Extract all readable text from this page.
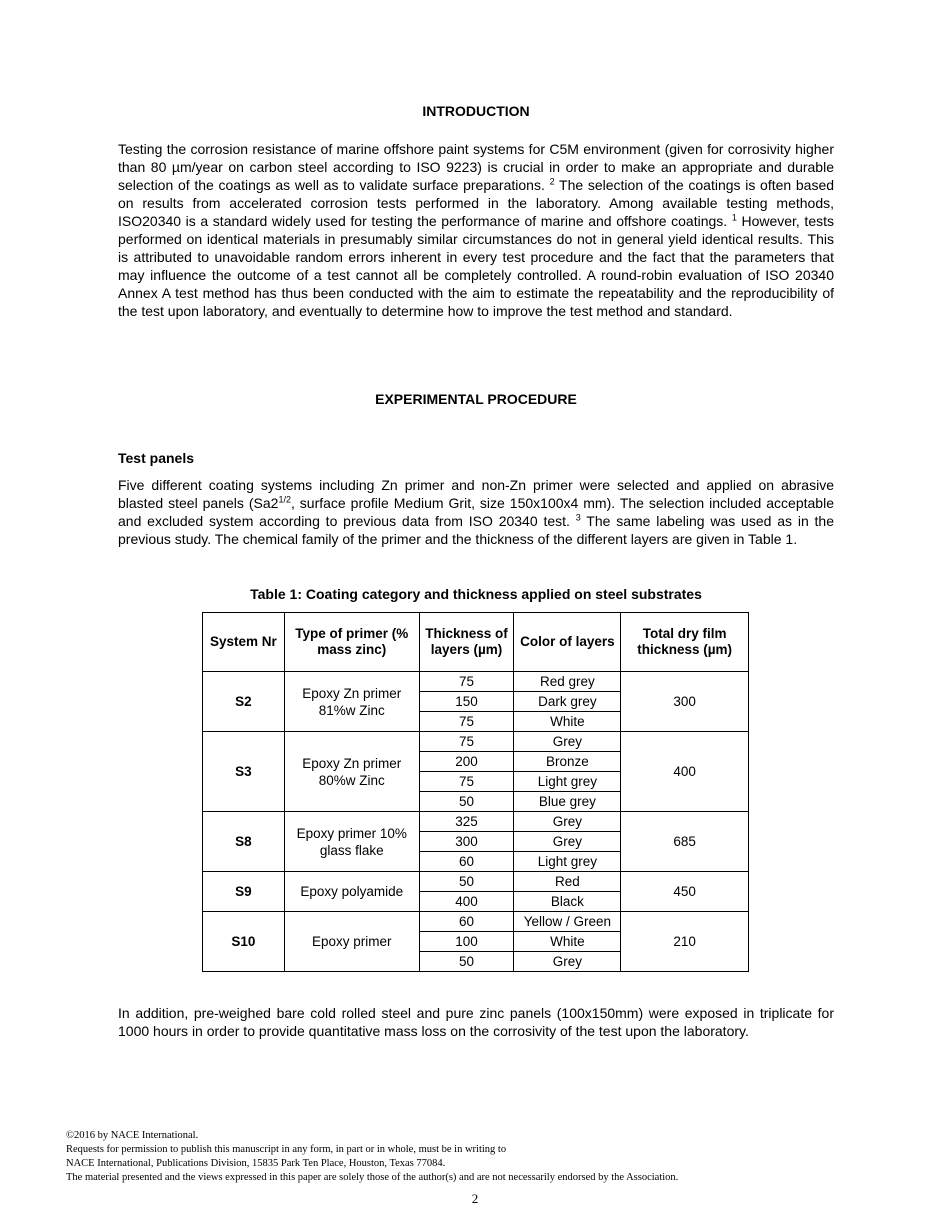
INTRODUCTION

Testing the corrosion resistance of marine offshore paint systems for C5M environment (given for corrosivity higher than 80 µm/year on carbon steel according to ISO 9223) is crucial in order to make an appropriate and durable selection of the coatings as well as to validate surface preparations. $^2$ The selection of the coatings is often based on results from accelerated corrosion tests performed in the laboratory. Among available testing methods, ISO20340 is a standard widely used for testing the performance of marine and offshore coatings. $^1$ However, tests performed on identical materials in presumably similar circumstances do not in general yield identical results. This is attributed to unavoidable random errors inherent in every test procedure and the fact that the parameters that may influence the outcome of a test cannot all be completely controlled. A round-robin evaluation of ISO 20340 Annex A test method has thus been conducted with the aim to estimate the repeatability and the reproducibility of the test upon laboratory, and eventually to determine how to improve the test method and standard.

EXPERIMENTAL PROCEDURE
Test panels

Five different coating systems including Zn primer and non-Zn primer were selected and applied on abrasive blasted steel panels ($Sa2^{1/2}$, surface profile Medium Grit, size 150x100x4 mm). The selection included acceptable and excluded system according to previous data from ISO 20340 test. $^3$ The same labeling was used as in the previous study. The chemical family of the primer and the thickness of the different layers are given in Table 1.

Table 1: Coating category and thickness applied on steel substrates
System Nr	Type of primer (% mass zinc)	Thickness of layers (µm)	Color of layers	Total dry film thickness (µm)
S2	Epoxy Zn primer 81%w Zinc	75	Red grey	300
		150	Dark grey	
		75	White	
S3	Epoxy Zn primer 80%w Zinc	75	Grey	400
		200	Bronze	
		75	Light grey	
		50	Blue grey	
S8	Epoxy primer 10% glass flake	325	Grey	685
		300	Grey	
		60	Light grey	
S9	Epoxy polyamide	50	Red	450
		400	Black	
S10	Epoxy primer	60	Yellow / Green	210
		100	White	
		50	Grey	

In addition, pre-weighed bare cold rolled steel and pure zinc panels (100x150mm) were exposed in triplicate for 1000 hours in order to provide quantitative mass loss on the corrosivity of the test upon the laboratory.

©2016 by NACE International.
Requests for permission to publish this manuscript in any form, in part or in whole, must be in writing to
NACE International, Publications Division, 15835 Park Ten Place, Houston, Texas 77084.
The material presented and the views expressed in this paper are solely those of the author(s) and are not necessarily endorsed by the Association.
2
